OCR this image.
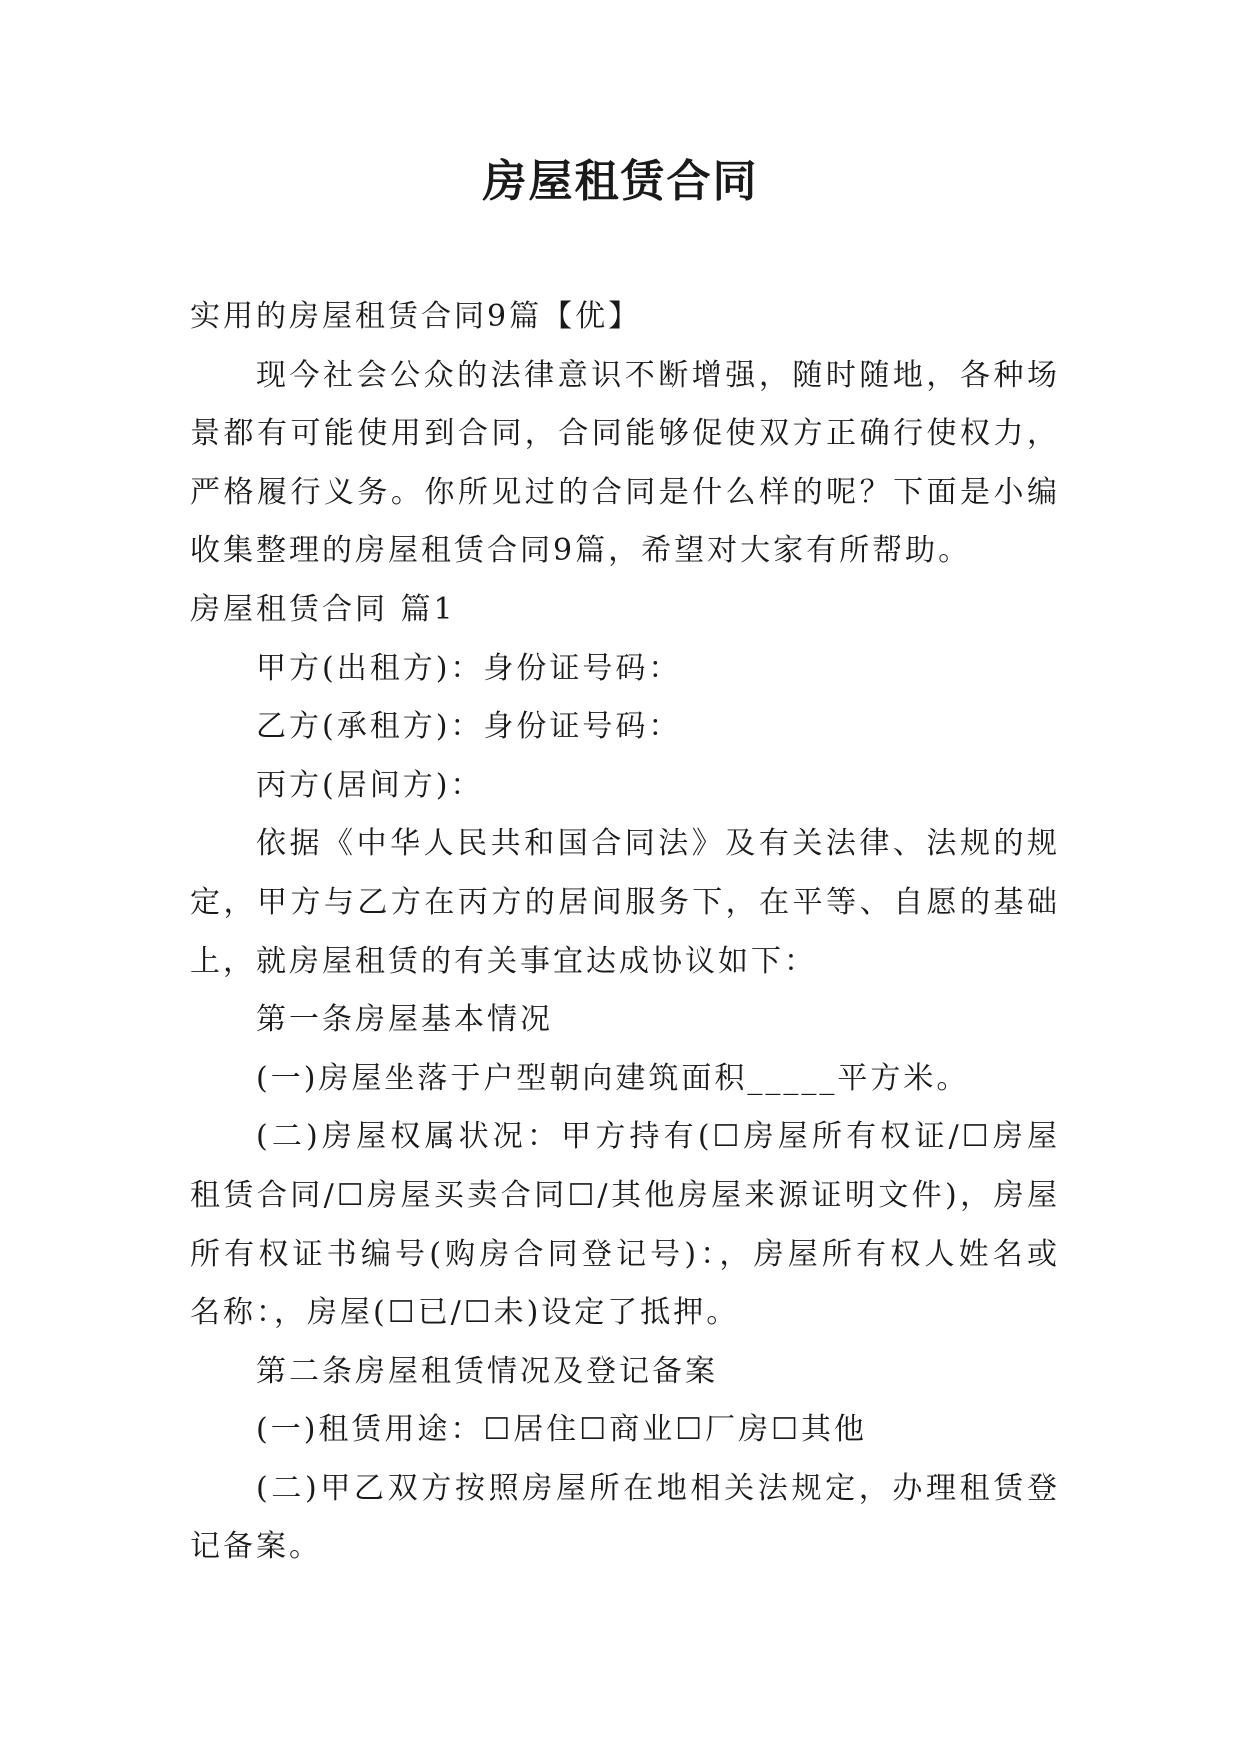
房屋租赁合同

实用的房屋租赁合同9篇【优】

现今社会公众的法律意识不断增强，随时随地，各种场景都有可能使用到合同，合同能够促使双方正确行使权力，严格履行义务。你所见过的合同是什么样的呢？下面是小编收集整理的房屋租赁合同9篇，希望对大家有所帮助。

房屋租赁合同 篇1

甲方(出租方)：身份证号码：

乙方(承租方)：身份证号码：

丙方(居间方)：

依据《中华人民共和国合同法》及有关法律、法规的规定，甲方与乙方在丙方的居间服务下，在平等、自愿的基础上，就房屋租赁的有关事宜达成协议如下：

第一条房屋基本情况

(一)房屋坐落于户型朝向建筑面积_____平方米。

(二)房屋权属状况：甲方持有(☐房屋所有权证/☐房屋租赁合同/☐房屋买卖合同☐/其他房屋来源证明文件)，房屋所有权证书编号(购房合同登记号)：，房屋所有权人姓名或名称：，房屋(☐已/☐未)设定了抵押。

第二条房屋租赁情况及登记备案

(一)租赁用途：☐居住☐商业☐厂房☐其他

(二)甲乙双方按照房屋所在地相关法规定，办理租赁登记备案。
